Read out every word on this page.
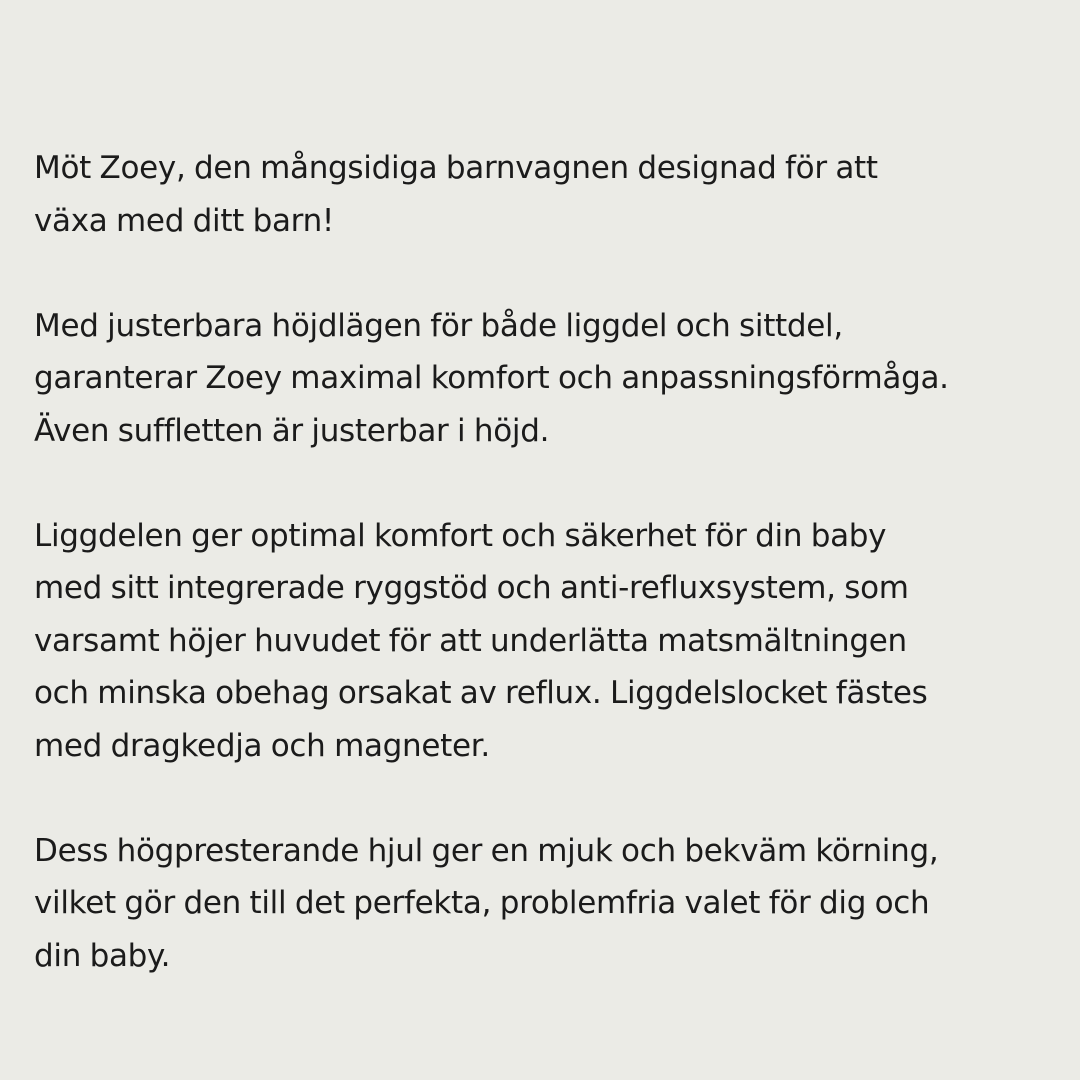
Möt Zoey, den mångsidiga barnvagnen designad för att
växa med ditt barn!

Med justerbara höjdlägen för både liggdel och sittdel,
garanterar Zoey maximal komfort och anpassningsförmåga.
Även suffletten är justerbar i höjd.

Liggdelen ger optimal komfort och säkerhet för din baby
med sitt integrerade ryggstöd och anti-refluxsystem, som
varsamt höjer huvudet för att underlätta matsmältningen
och minska obehag orsakat av reflux. Liggdelslocket fästes
med dragkedja och magneter.

Dess högpresterande hjul ger en mjuk och bekväm körning,
vilket gör den till det perfekta, problemfria valet för dig och
din baby.
